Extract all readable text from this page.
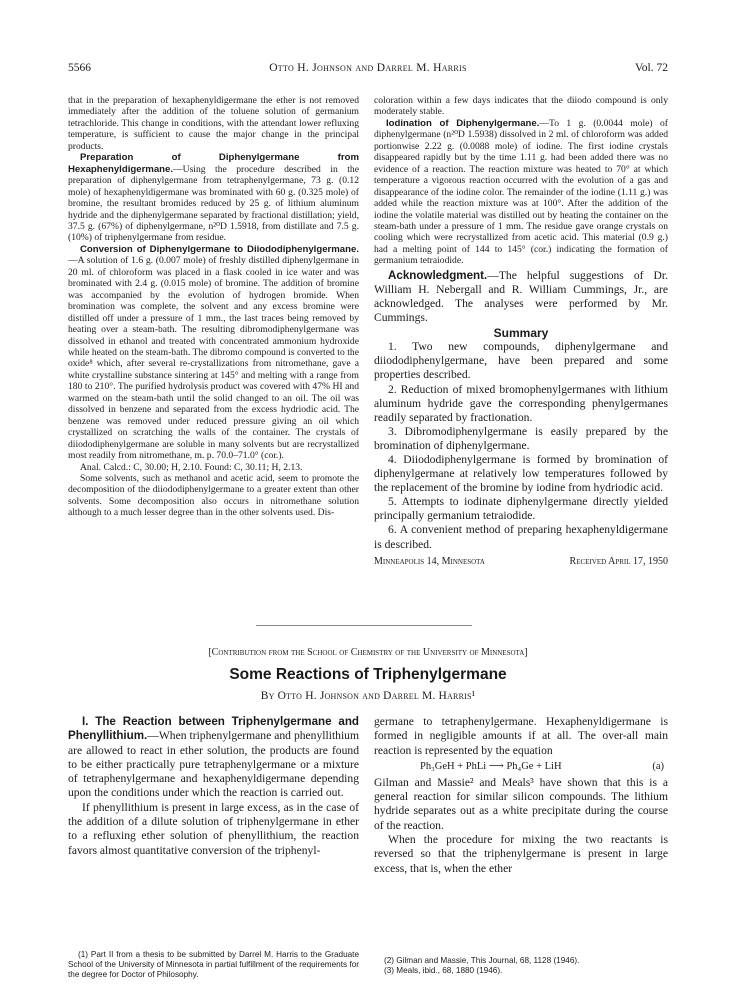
5566	Otto H. Johnson and Darrel M. Harris	Vol. 72

that in the preparation of hexaphenyldigermane the ether is not removed immediately after the addition of the toluene solution of germanium tetrachloride. This change in conditions, with the attendant lower refluxing temperature, is sufficient to cause the major change in the principal products.

Preparation of Diphenylgermane from Hexaphenyldigermane.—Using the procedure described in the preparation of diphenylgermane from tetraphenylgermane, 73 g. (0.12 mole) of hexaphenyldigermane was brominated with 60 g. (0.325 mole) of bromine, the resultant bromides reduced by 25 g. of lithium aluminum hydride and the diphenylgermane separated by fractional distillation; yield, 37.5 g. (67%) of diphenylgermane, n²⁰D 1.5918, from distillate and 7.5 g. (10%) of triphenylgermane from residue.

Conversion of Diphenylgermane to Diiododiphenylgermane.—A solution of 1.6 g. (0.007 mole) of freshly distilled diphenylgermane in 20 ml. of chloroform was placed in a flask cooled in ice water and was brominated with 2.4 g. (0.015 mole) of bromine. The addition of bromine was accompanied by the evolution of hydrogen bromide. When bromination was complete, the solvent and any excess bromine were distilled off under a pressure of 1 mm., the last traces being removed by heating over a steam-bath. The resulting dibromodiphenylgermane was dissolved in ethanol and treated with concentrated ammonium hydroxide while heated on the steam-bath. The dibromo compound is converted to the oxide⁸ which, after several re-crystallizations from nitromethane, gave a white crystalline substance sintering at 145° and melting with a range from 180 to 210°. The purified hydrolysis product was covered with 47% HI and warmed on the steam-bath until the solid changed to an oil. The oil was dissolved in benzene and separated from the excess hydriodic acid. The benzene was removed under reduced pressure giving an oil which crystallized on scratching the walls of the container. The crystals of diiododiphenylgermane are soluble in many solvents but are recrystallized most readily from nitromethane, m. p. 70.0–71.0° (cor.).

Anal. Calcd.: C, 30.00; H, 2.10. Found: C, 30.11; H, 2.13.

Some solvents, such as methanol and acetic acid, seem to promote the decomposition of the diiododiphenylgermane to a greater extent than other solvents. Some decomposition also occurs in nitromethane solution although to a much lesser degree than in the other solvents used. Dis-

coloration within a few days indicates that the diiodo compound is only moderately stable.

Iodination of Diphenylgermane.—To 1 g. (0.0044 mole) of diphenylgermane (n²⁰D 1.5938) dissolved in 2 ml. of chloroform was added portionwise 2.22 g. (0.0088 mole) of iodine. The first iodine crystals disappeared rapidly but by the time 1.11 g. had been added there was no evidence of a reaction. The reaction mixture was heated to 70° at which temperature a vigorous reaction occurred with the evolution of a gas and disappearance of the iodine color. The remainder of the iodine (1.11 g.) was added while the reaction mixture was at 100°. After the addition of the iodine the volatile material was distilled out by heating the container on the steam-bath under a pressure of 1 mm. The residue gave orange crystals on cooling which were recrystallized from acetic acid. This material (0.9 g.) had a melting point of 144 to 145° (cor.) indicating the formation of germanium tetraiodide.

Acknowledgment.—The helpful suggestions of Dr. William H. Nebergall and R. William Cummings, Jr., are acknowledged. The analyses were performed by Mr. Cummings.

Summary

1. Two new compounds, diphenylgermane and diiododiphenylgermane, have been prepared and some properties described.

2. Reduction of mixed bromophenylgermanes with lithium aluminum hydride gave the corresponding phenylgermanes readily separated by fractionation.

3. Dibromodiphenylgermane is easily prepared by the bromination of diphenylgermane.

4. Diiododiphenylgermane is formed by bromination of diphenylgermane at relatively low temperatures followed by the replacement of the bromine by iodine from hydriodic acid.

5. Attempts to iodinate diphenylgermane directly yielded principally germanium tetraiodide.

6. A convenient method of preparing hexaphenyldigermane is described.

Minneapolis 14, Minnesota	Received April 17, 1950
[Contribution from the School of Chemistry of the University of Minnesota]
Some Reactions of Triphenylgermane
By Otto H. Johnson and Darrel M. Harris¹

I. The Reaction between Triphenylgermane and Phenyllithium.—When triphenylgermane and phenyllithium are allowed to react in ether solution, the products are found to be either practically pure tetraphenylgermane or a mixture of tetraphenylgermane and hexaphenyldigermane depending upon the conditions under which the reaction is carried out.

If phenyllithium is present in large excess, as in the case of the addition of a dilute solution of triphenylgermane in ether to a refluxing ether solution of phenyllithium, the reaction favors almost quantitative conversion of the triphenyl-

germane to tetraphenylgermane. Hexaphenyldigermane is formed in negligible amounts if at all. The over-all main reaction is represented by the equation

Ph₃GeH + PhLi ⟶ Ph₄Ge + LiH	(a)

Gilman and Massie² and Meals³ have shown that this is a general reaction for similar silicon compounds. The lithium hydride separates out as a white precipitate during the course of the reaction.

When the procedure for mixing the two reactants is reversed so that the triphenylgermane is present in large excess, that is, when the ether

(1) Part II from a thesis to be submitted by Darrel M. Harris to the Graduate School of the University of Minnesota in partial fulfillment of the requirements for the degree for Doctor of Philosophy.

(2) Gilman and Massie, This Journal, 68, 1128 (1946).

(3) Meals, ibid., 68, 1880 (1946).
